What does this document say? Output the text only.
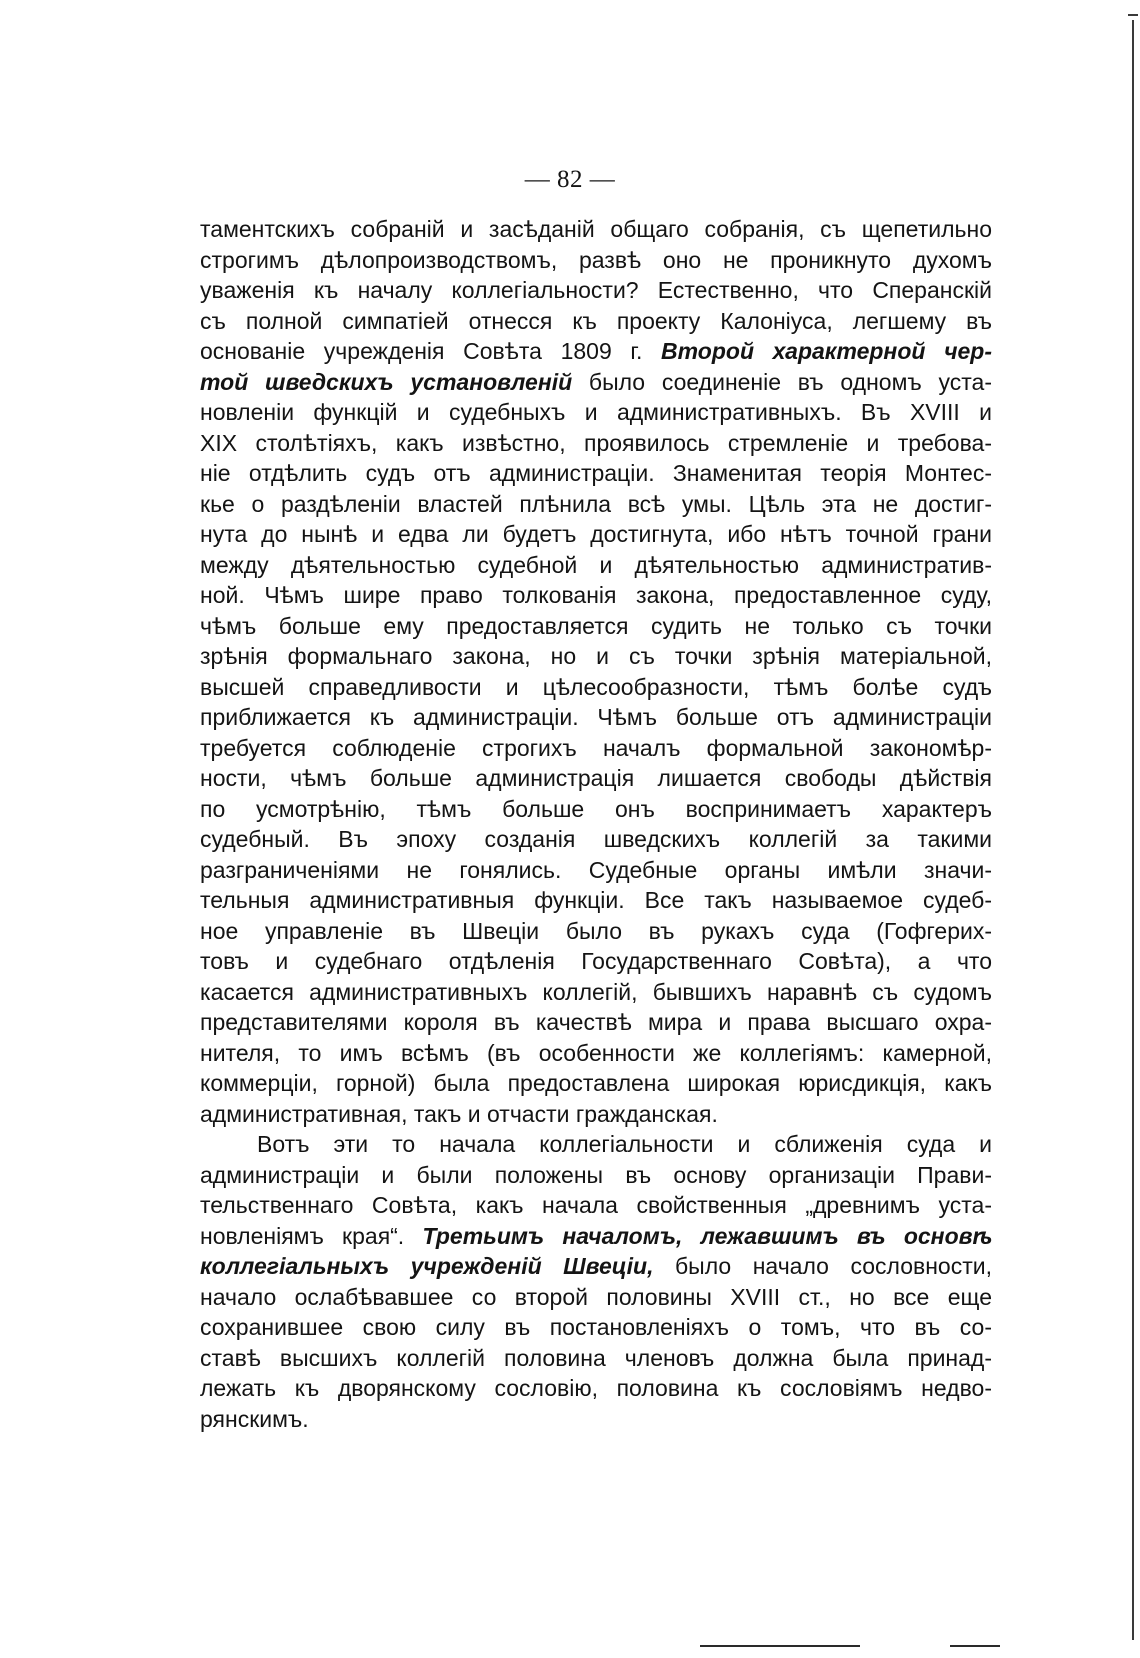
— 82 —
таментскихъ собраній и засѣданій общаго собранія, съ щепетильно
строгимъ дѣлопроизводствомъ, развѣ оно не проникнуто духомъ
уваженія къ началу коллегіальности? Естественно, что Сперанскій
съ полной симпатіей отнесся къ проекту Калоніуса, легшему въ
основаніе учрежденія Совѣта 1809 г. Второй характерной чер-
той шведскихъ установленій было соединеніе въ одномъ уста-
новленіи функцій и судебныхъ и административныхъ. Въ XVIII и
XIX столѣтіяхъ, какъ извѣстно, проявилось стремленіе и требова-
ніе отдѣлить судъ отъ администраціи. Знаменитая теорія Монтес-
кье о раздѣленіи властей плѣнила всѣ умы. Цѣль эта не достиг-
нута до нынѣ и едва ли будетъ достигнута, ибо нѣтъ точной грани
между дѣятельностью судебной и дѣятельностью административ-
ной. Чѣмъ шире право толкованія закона, предоставленное суду,
чѣмъ больше ему предоставляется судить не только съ точки
зрѣнія формальнаго закона, но и съ точки зрѣнія матеріальной,
высшей справедливости и цѣлесообразности, тѣмъ болѣе судъ
приближается къ администраціи. Чѣмъ больше отъ администраціи
требуется соблюденіе строгихъ началъ формальной закономѣр-
ности, чѣмъ больше администрація лишается свободы дѣйствія
по усмотрѣнію, тѣмъ больше онъ воспринимаетъ характеръ
судебный. Въ эпоху созданія шведскихъ коллегій за такими
разграниченіями не гонялись. Судебные органы имѣли значи-
тельныя административныя функціи. Все такъ называемое судеб-
ное управленіе въ Швеціи было въ рукахъ суда (Гофгерих-
товъ и судебнаго отдѣленія Государственнаго Совѣта), а что
касается административныхъ коллегій, бывшихъ наравнѣ съ судомъ
представителями короля въ качествѣ мира и права высшаго охра-
нителя, то имъ всѣмъ (въ особенности же коллегіямъ: камерной,
коммерціи, горной) была предоставлена широкая юрисдикція, какъ
административная, такъ и отчасти гражданская.
Вотъ эти то начала коллегіальности и сближенія суда и
администраціи и были положены въ основу организаціи Прави-
тельственнаго Совѣта, какъ начала свойственныя „древнимъ уста-
новленіямъ края“. Третьимъ началомъ, лежавшимъ въ основѣ
коллегіальныхъ учрежденій Швеціи, было начало сословности,
начало ослабѣвавшее со второй половины XVIII ст., но все еще
сохранившее свою силу въ постановленіяхъ о томъ, что въ со-
ставѣ высшихъ коллегій половина членовъ должна была принад-
лежать къ дворянскому сословію, половина къ сословіямъ недво-
рянскимъ.
